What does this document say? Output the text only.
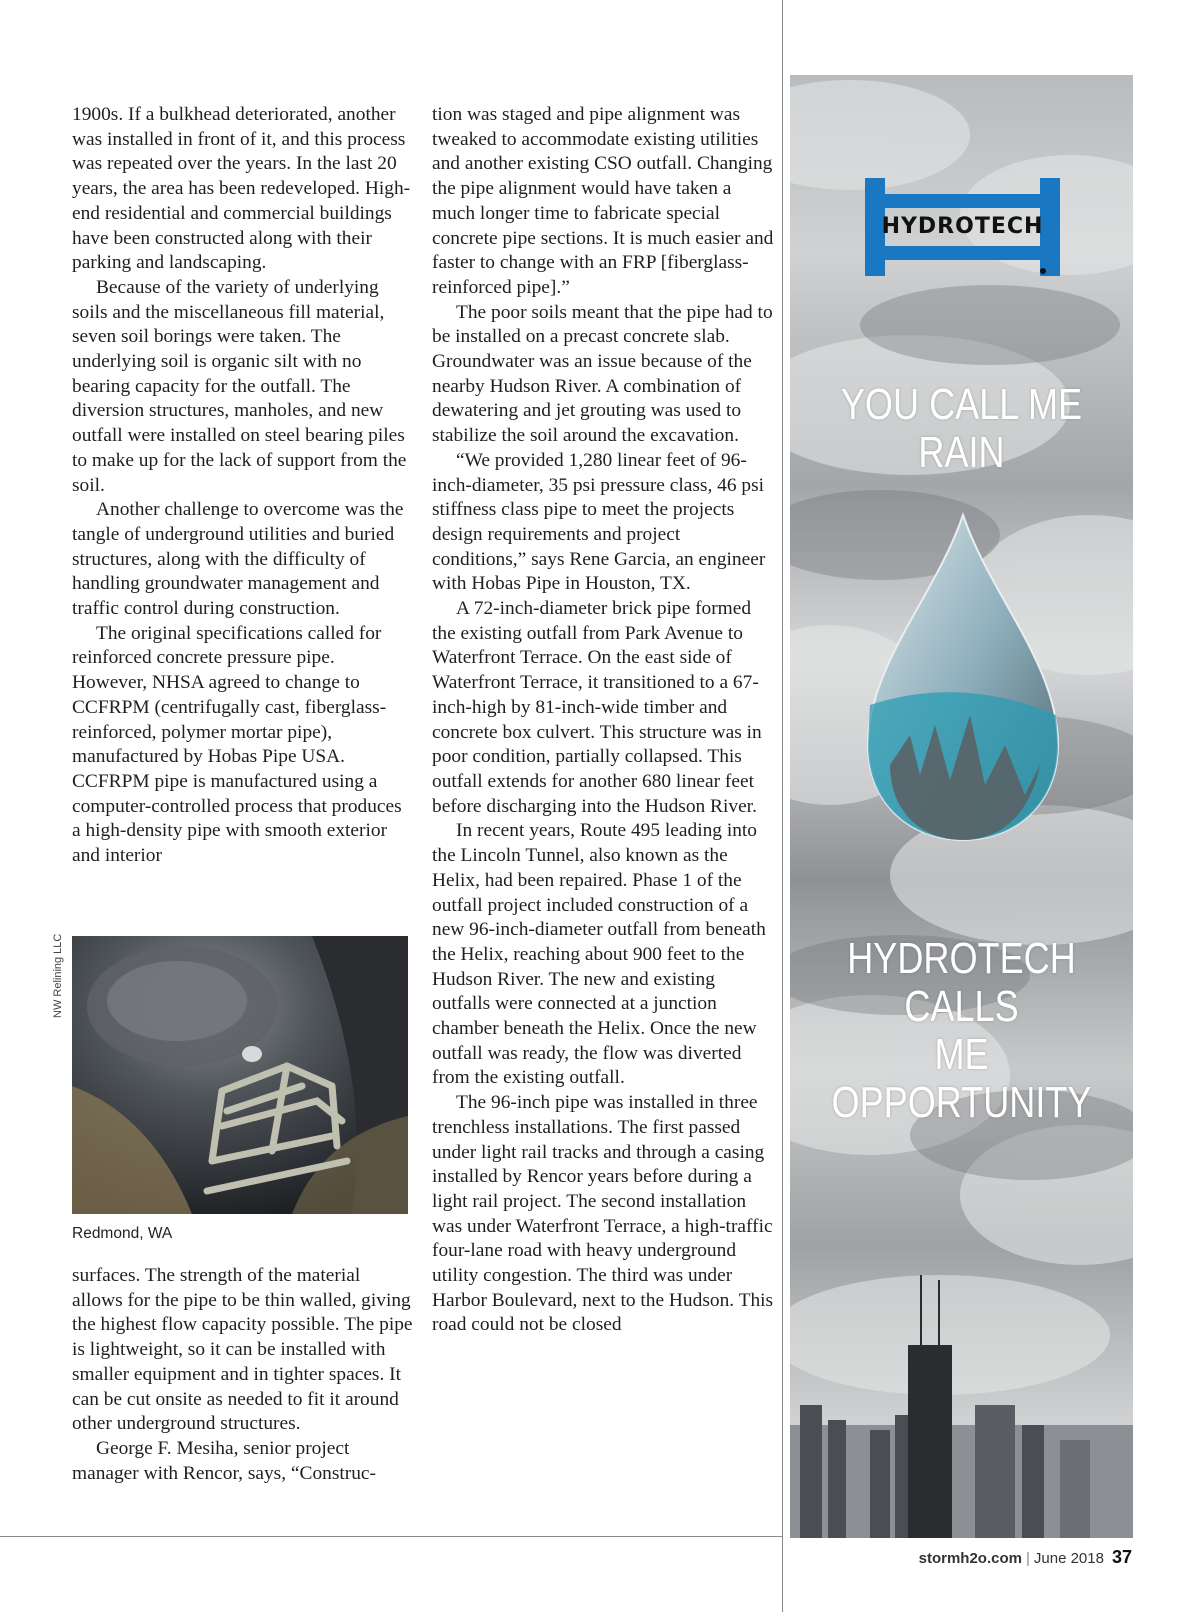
1900s. If a bulkhead deteriorated, another was installed in front of it, and this process was repeated over the years. In the last 20 years, the area has been redeveloped. High-end residential and commercial buildings have been constructed along with their parking and landscaping.

Because of the variety of underlying soils and the miscellaneous fill material, seven soil borings were taken. The underlying soil is organic silt with no bearing capacity for the outfall. The diversion structures, manholes, and new outfall were installed on steel bearing piles to make up for the lack of support from the soil.

Another challenge to overcome was the tangle of underground utilities and buried structures, along with the difficulty of handling groundwater management and traffic control during construction.

The original specifications called for reinforced concrete pressure pipe. However, NHSA agreed to change to CCFRPM (centrifugally cast, fiberglass-reinforced, polymer mortar pipe), manufactured by Hobas Pipe USA. CCFRPM pipe is manufactured using a computer-controlled process that produces a high-density pipe with smooth exterior and interior

NW Relining LLC
Redmond, WA

surfaces. The strength of the material allows for the pipe to be thin walled, giving the highest flow capacity possible. The pipe is lightweight, so it can be installed with smaller equipment and in tighter spaces. It can be cut onsite as needed to fit it around other underground structures.

George F. Mesiha, senior project manager with Rencor, says, “Construc-

tion was staged and pipe alignment was tweaked to accommodate existing utilities and another existing CSO outfall. Changing the pipe alignment would have taken a much longer time to fabricate special concrete pipe sections. It is much easier and faster to change with an FRP [fiberglass-reinforced pipe].”

The poor soils meant that the pipe had to be installed on a precast concrete slab. Groundwater was an issue because of the nearby Hudson River. A combination of dewatering and jet grouting was used to stabilize the soil around the excavation.

“We provided 1,280 linear feet of 96-inch-diameter, 35 psi pressure class, 46 psi stiffness class pipe to meet the projects design requirements and project conditions,” says Rene Garcia, an engineer with Hobas Pipe in Houston, TX.

A 72-inch-diameter brick pipe formed the existing outfall from Park Avenue to Waterfront Terrace. On the east side of Waterfront Terrace, it transitioned to a 67-inch-high by 81-inch-wide timber and concrete box culvert. This structure was in poor condition, partially collapsed. This outfall extends for another 680 linear feet before discharging into the Hudson River.

In recent years, Route 495 leading into the Lincoln Tunnel, also known as the Helix, had been repaired. Phase 1 of the outfall project included construction of a new 96-inch-diameter outfall from beneath the Helix, reaching about 900 feet to the Hudson River. The new and existing outfalls were connected at a junction chamber beneath the Helix. Once the new outfall was ready, the flow was diverted from the existing outfall.

The 96-inch pipe was installed in three trenchless installations. The first passed under light rail tracks and through a casing installed by Rencor years before during a light rail project. The second installation was under Waterfront Terrace, a high-traffic four-lane road with heavy underground utility congestion. The third was under Harbor Boulevard, next to the Hudson. This road could not be closed

HYDROTECH
YOU CALL ME RAIN
HYDROTECH CALLS
ME OPPORTUNITY
stormh2o.com | June 2018 37
